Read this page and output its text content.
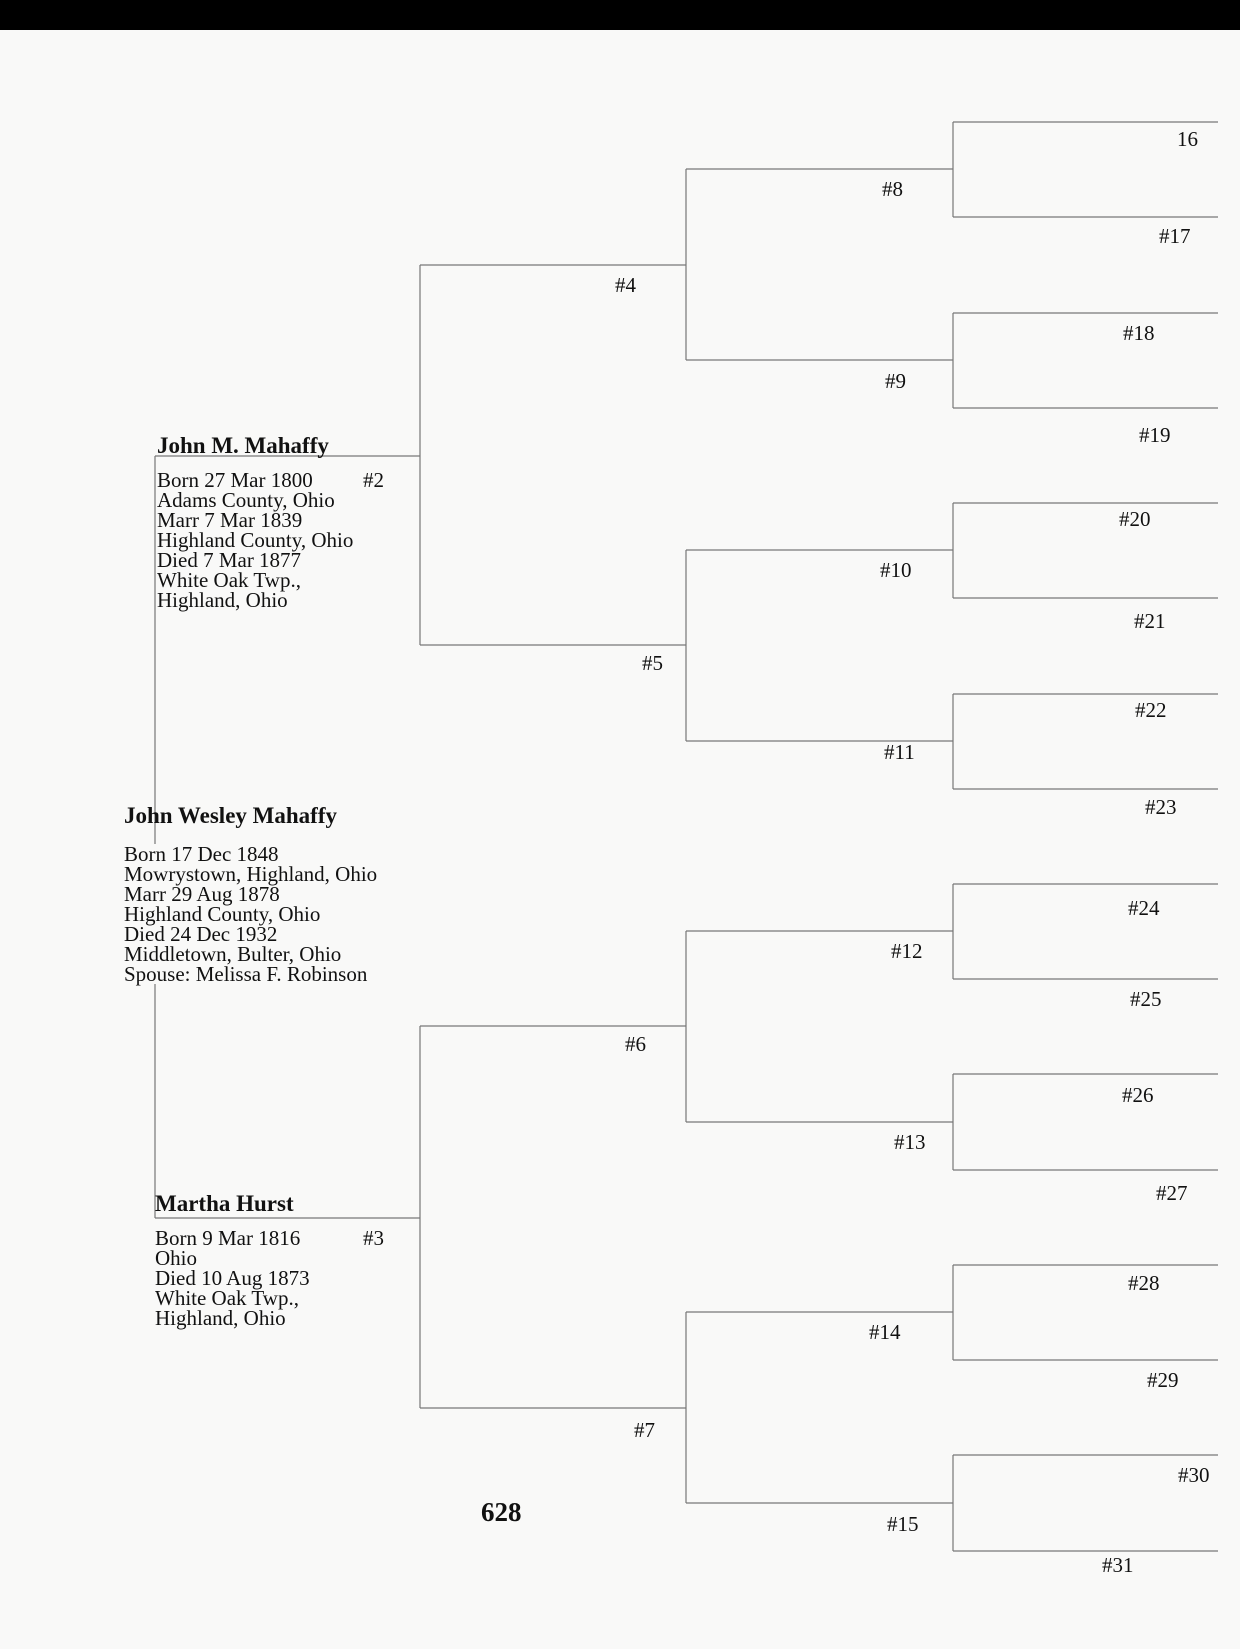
John M. Mahaffy
#2
Born 27 Mar 1800
Adams County, Ohio
Marr 7 Mar 1839
Highland County, Ohio
Died 7 Mar 1877
White Oak Twp.,
Highland, Ohio
John Wesley Mahaffy
Born 17 Dec 1848
Mowrystown, Highland, Ohio
Marr 29 Aug 1878
Highland County, Ohio
Died 24 Dec 1932
Middletown, Bulter, Ohio
Spouse: Melissa F. Robinson
Martha Hurst
#3
Born 9 Mar 1816
Ohio
Died 10 Aug 1873
White Oak Twp.,
Highland, Ohio
#4
#5
#6
#7
#8
#9
#10
#11
#12
#13
#14
#15
16
#17
#18
#19
#20
#21
#22
#23
#24
#25
#26
#27
#28
#29
#30
#31
628
